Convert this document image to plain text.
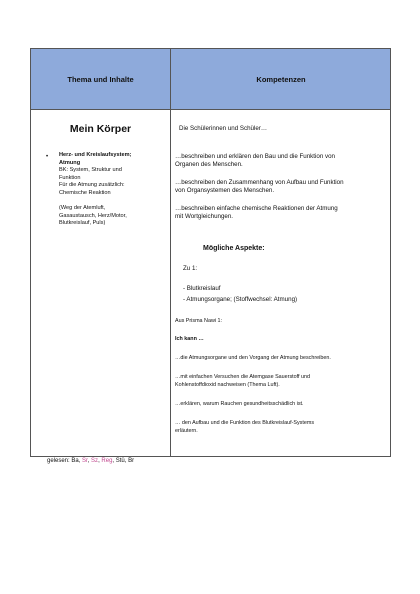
Thema und Inhalte	Kompetenzen
Mein Körper
• Herz- und Kreislaufsystem;
Atmung
BK: System, Struktur und
Funktion
Für die Atmung zusätzlich:
Chemische Reaktion
(Weg der Atemluft,
Gasaustausch, Herz/Motor,
Blutkreislauf, Puls)
Die Schülerinnen und Schüler…
…beschreiben und erklären den Bau und die Funktion von
Organen des Menschen.
…beschreiben den Zusammenhang von Aufbau und Funktion
von Organsystemen des Menschen.
…beschreiben einfache chemische Reaktionen der Atmung
mit Wortgleichungen.
Mögliche Aspekte:
Zu 1:
- Blutkreislauf
- Atmungsorgane; (Stoffwechsel: Atmung)
Aus Prisma Nawi 1:
Ich kann …
…die Atmungsorgane und den Vorgang der Atmung beschreiben.
…mit einfachen Versuchen die Atemgase Sauerstoff und
Kohlenstoffdioxid nachweisen (Thema Luft).
…erklären, warum Rauchen gesundheitsschädlich ist.
… den Aufbau und die Funktion des Blutkreislauf-Systems
erläutern.
gelesen: Ba, Sr, Sz, Reg, Stü, Br
